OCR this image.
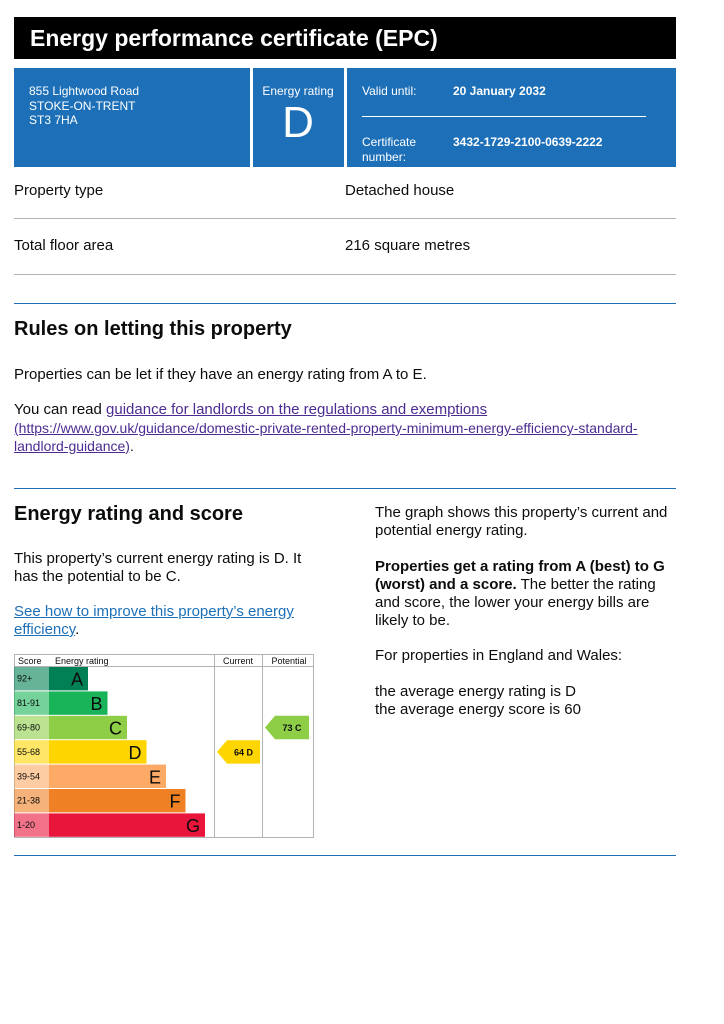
Energy performance certificate (EPC)
855 Lightwood Road
STOKE-ON-TRENT
ST3 7HA
Energy rating
D
Valid until:	20 January 2032
Certificate
number:
3432-1729-2100-0639-2222
Property type	Detached house
Total floor area	216 square metres
Rules on letting this property
Properties can be let if they have an energy rating from A to E.
You can read guidance for landlords on the regulations and exemptions
(https://www.gov.uk/guidance/domestic-private-rented-property-minimum-energy-efficiency-standard-
landlord-guidance).
Energy rating and score
This property’s current energy rating is D. It
has the potential to be C.
See how to improve this property’s energy
efficiency.
The graph shows this property’s current and
potential energy rating.
Properties get a rating from A (best) to G
(worst) and a score. The better the rating
and score, the lower your energy bills are
likely to be.
For properties in England and Wales:
the average energy rating is D
the average energy score is 60
Score Energy rating	Current Potential
92+ A
81-91	B
69-80	C
55-68	D
39-54	E
21-38	F
1-20	G
64 D
73 C
